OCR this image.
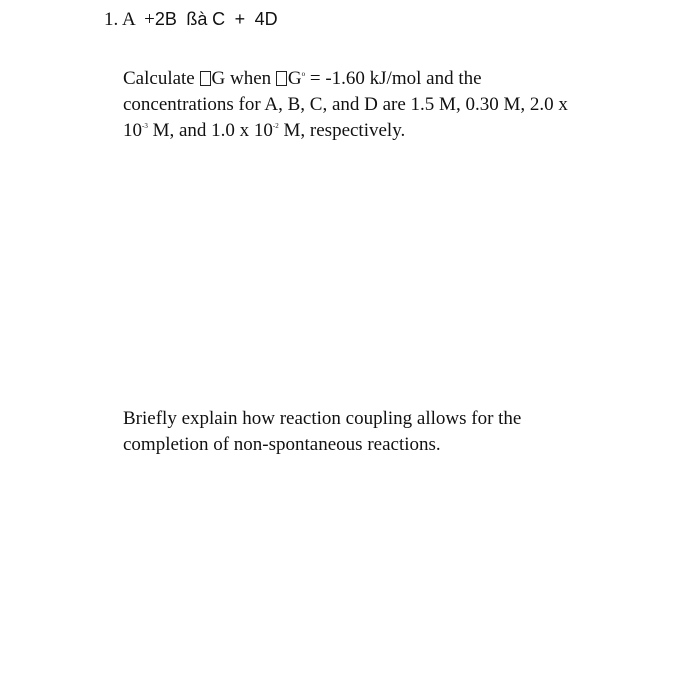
1. A +2B ßà C + 4D
Calculate G when $G^o = -1.60$ kJ/mol and the
concentrations for A, B, C, and D are 1.5 M, 0.30 M, 2.0 x
$10^{-3}$ M, and 1.0 x $10^{-2}$ M, respectively.
Briefly explain how reaction coupling allows for the
completion of non-spontaneous reactions.
